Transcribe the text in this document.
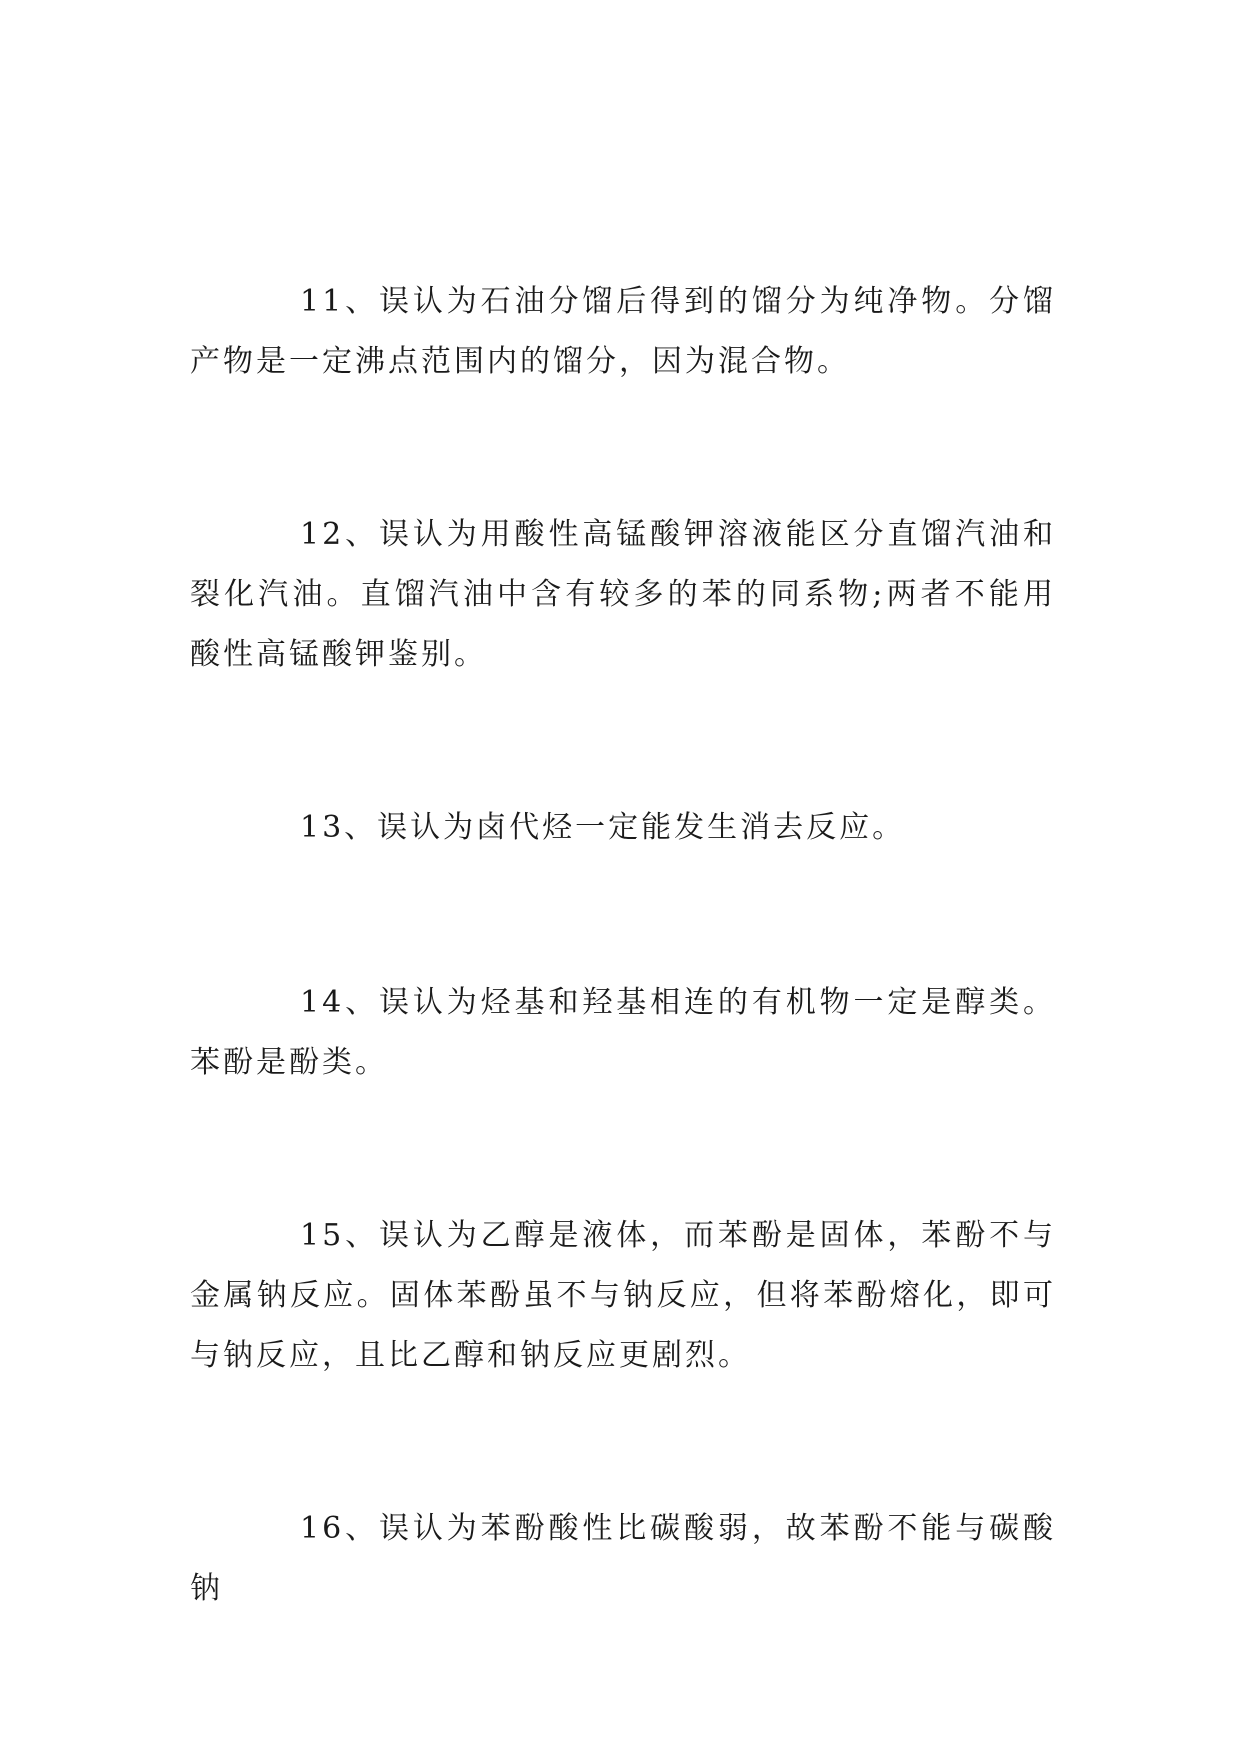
11、误认为石油分馏后得到的馏分为纯净物。分馏产物是一定沸点范围内的馏分，因为混合物。

12、误认为用酸性高锰酸钾溶液能区分直馏汽油和裂化汽油。直馏汽油中含有较多的苯的同系物;两者不能用酸性高锰酸钾鉴别。

13、误认为卤代烃一定能发生消去反应。

14、误认为烃基和羟基相连的有机物一定是醇类。苯酚是酚类。

15、误认为乙醇是液体，而苯酚是固体，苯酚不与金属钠反应。固体苯酚虽不与钠反应，但将苯酚熔化，即可与钠反应，且比乙醇和钠反应更剧烈。

16、误认为苯酚酸性比碳酸弱，故苯酚不能与碳酸钠
